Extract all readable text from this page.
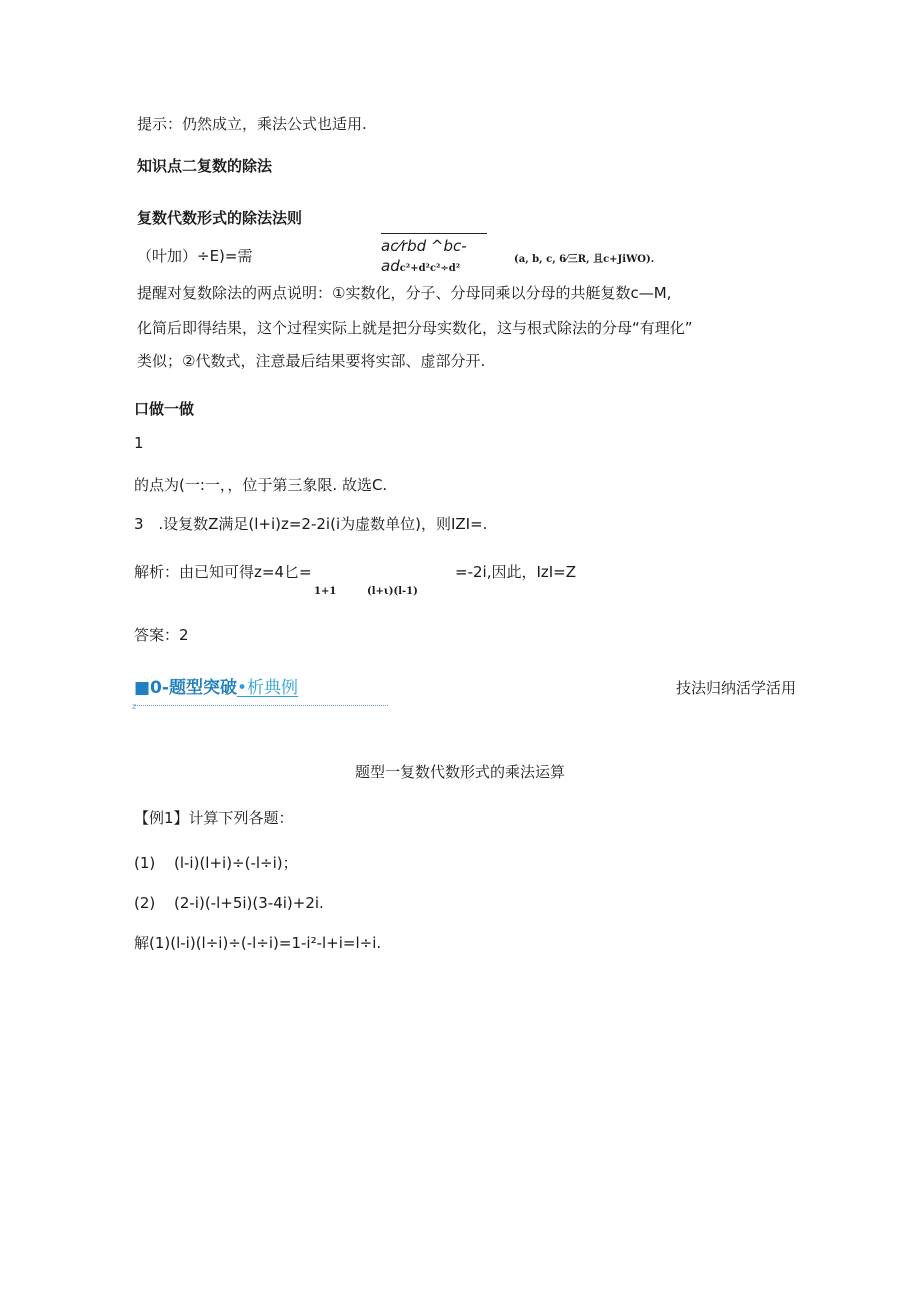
提示：仍然成立，乘法公式也适用.
知识点二复数的除法
复数代数形式的除法法则
（叶加）÷E)=需
ac⁄rbd ^bc-
adc²+d²c²÷d²
(a, b, c, 6⁄三R, 且c+JiWO).
提醒对复数除法的两点说明：①实数化，分子、分母同乘以分母的共艇复数c—M,
化简后即得结果，这个过程实际上就是把分母实数化，这与根式除法的分母“有理化”
类似；②代数式，注意最后结果要将实部、虚部分开.
口做一做
1
的点为(一:一，，位于第三象限. 故选C.
3 .设复数Z满足(l+i)z=2-2i(i为虚数单位)，则IZI=.
解析：由已知可得z=4匕=
1+1	(l+ι)(l-1)
=-2i,因此，IzI=Z
答案：2
■0-题型突破•析典例	技法归纳活学活用
z
题型一复数代数形式的乘法运算
【例1】计算下列各题：
(1) (l-i)(l+i)÷(-l÷i)；
(2) (2-i)(-l+5i)(3-4i)+2i.
解(1)(l-i)(l÷i)÷(-l÷i)=1-i²-l+i=l÷i.
